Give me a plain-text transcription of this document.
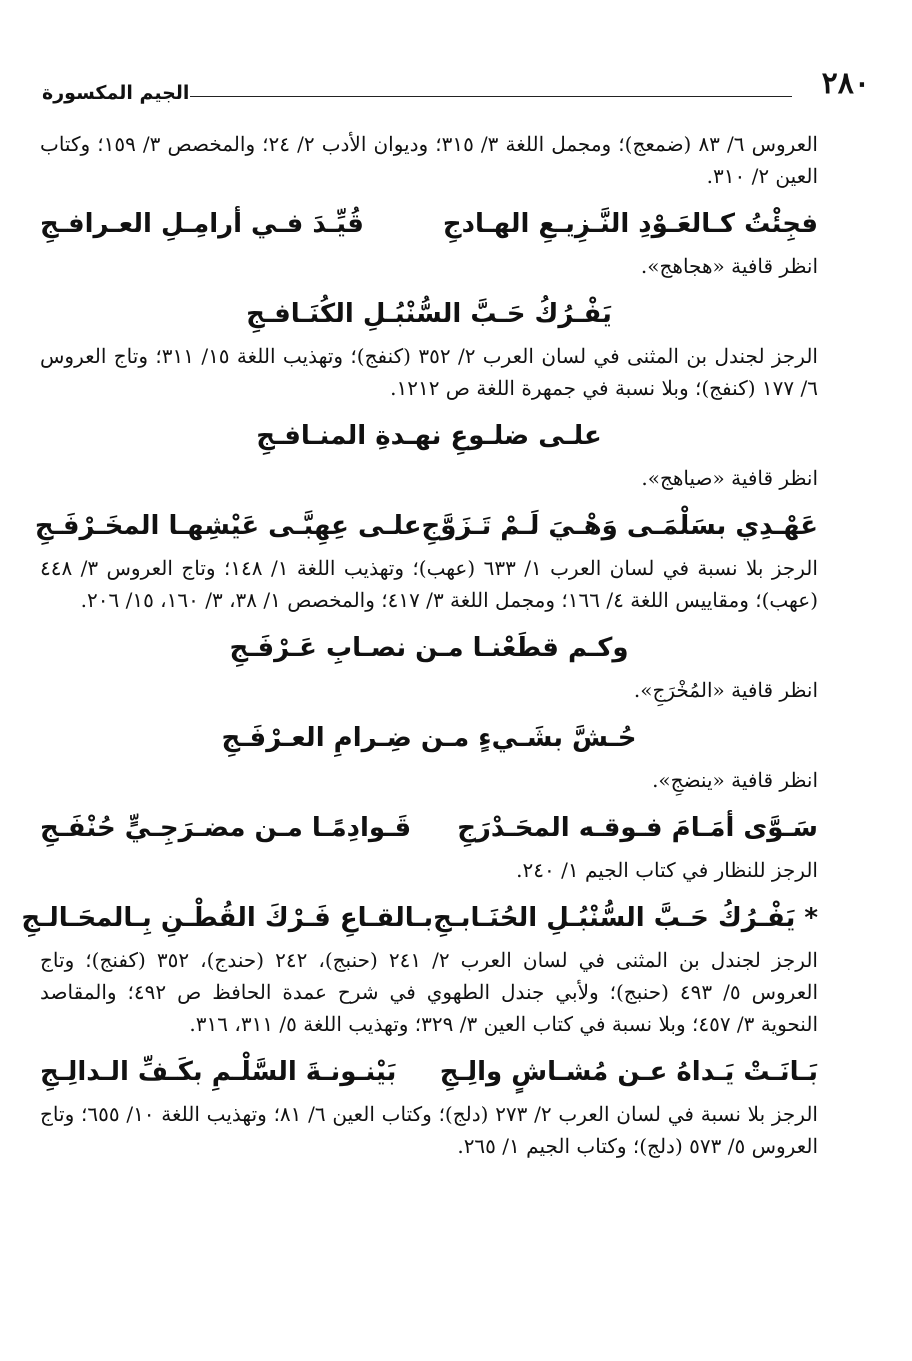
٢٨٠
الجيم المكسورة

العروس ٦/ ٨٣ (ضمعج)؛ ومجمل اللغة ٣/ ٣١٥؛ وديوان الأدب ٢/ ٢٤؛ والمخصص ٣/ ١٥٩؛ وكتاب العين ٢/ ٣١٠.

فجِئْتُ كـالعَـوْدِ النَّـزِيـعِ الهـادجِ
قُيِّـدَ فـي أرامِـلِ العـرافـجِ

انظر قافية «هجاهج».

يَفْـرُكُ حَـبَّ السُّنْبُـلِ الكُنَـافـجِ

الرجز لجندل بن المثنى في لسان العرب ٢/ ٣٥٢ (كنفج)؛ وتهذيب اللغة ١٥/ ٣١١؛ وتاج العروس ٦/ ١٧٧ (كنفج)؛ وبلا نسبة في جمهرة اللغة ص ١٢١٢.

علـى ضلـوعِ نهـدةِ المنـافـجِ

انظر قافية «صياهج».

عَهْـدِي بسَلْمَـى وَهْـيَ لَـمْ تَـزَوَّجِ
علـى عِهِبَّـى عَيْشِهـا المخَـرْفَـجِ

الرجز بلا نسبة في لسان العرب ١/ ٦٣٣ (عهب)؛ وتهذيب اللغة ١/ ١٤٨؛ وتاج العروس ٣/ ٤٤٨ (عهب)؛ ومقاييس اللغة ٤/ ١٦٦؛ ومجمل اللغة ٣/ ٤١٧؛ والمخصص ١/ ٣٨، ٣/ ١٦٠، ١٥/ ٢٠٦.

وكـم قطَعْنـا مـن نصـابِ عَـرْفَـجِ

انظر قافية «المُخْرَجِ».

حُـشَّ بشَـيءٍ مـن ضِـرامِ العـرْفَـجِ

انظر قافية «ينضجِ».

سَـوَّى أمَـامَ فـوقـه المحَـدْرَجِ
قَـوادِمًـا مـن مضـرَجِـيٍّ حُنْفَـجِ

الرجز للنظار في كتاب الجيم ١/ ٢٤٠.

* يَفْـرُكُ حَـبَّ السُّنْبُـلِ الحُنَـابـجِ
بـالقـاعِ فَـرْكَ القُطْـنِ بِـالمحَـالـجِ

الرجز لجندل بن المثنى في لسان العرب ٢/ ٢٤١ (حنبج)، ٢٤٢ (حندج)، ٣٥٢ (كفنج)؛ وتاج العروس ٥/ ٤٩٣ (حنبج)؛ ولأبي جندل الطهوي في شرح عمدة الحافظ ص ٤٩٢؛ والمقاصد النحوية ٣/ ٤٥٧؛ وبلا نسبة في كتاب العين ٣/ ٣٢٩؛ وتهذيب اللغة ٥/ ٣١١، ٣١٦.

بَـانَـتْ يَـداهُ عـن مُشـاشٍ والِـجِ
بَيْنـونـةَ السَّلْـمِ بكَـفِّ الـدالِـجِ

الرجز بلا نسبة في لسان العرب ٢/ ٢٧٣ (دلج)؛ وكتاب العين ٦/ ٨١؛ وتهذيب اللغة ١٠/ ٦٥٥؛ وتاج العروس ٥/ ٥٧٣ (دلج)؛ وكتاب الجيم ١/ ٢٦٥.
